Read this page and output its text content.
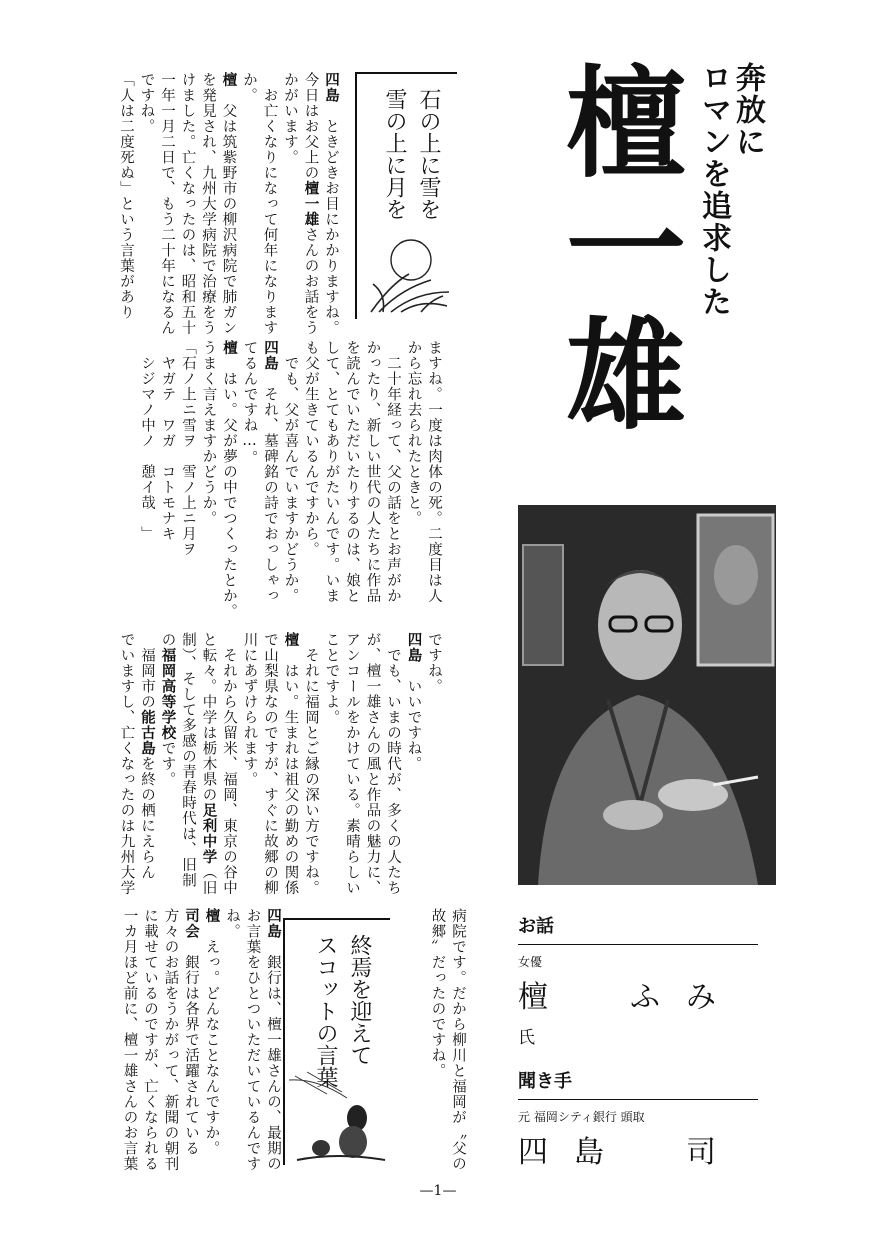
奔放に
ロマンを追求した
檀一雄
石の上に雪を
雪の上に月を
終焉を迎えて
スコットの言葉
四島　ときどきお目にかかりますね。
今日はお父上の檀一雄さんのお話をう
かがいます。
　お亡くなりになって何年になります
か。
檀　父は筑紫野市の柳沢病院で肺ガン
を発見され、九州大学病院で治療をう
けました。亡くなったのは、昭和五十
一年一月二日で、もう二十年になるん
ですね。
「人は二度死ぬ」という言葉があり
ますね。一度は肉体の死。二度目は人
から忘れ去られたときと。
　二十年経って、父の話をとお声がか
かったり、新しい世代の人たちに作品
を読んでいただいたりするのは、娘と
して、とてもありがたいんです。いま
も父が生きているんですから。
　でも、父が喜んでいますかどうか。
四島　それ、墓碑銘の詩でおっしゃっ
てるんですね…。
檀　はい。父が夢の中でつくったとか。
うまく言えますかどうか。
「石ノ上ニ雪ヲ　雪ノ上ニ月ヲ
　ヤガテ　ワガ　コトモナキ
　シジマノ中ノ　憩イ哉　」
ですね。
四島　いいですね。
　でも、いまの時代が、多くの人たち
が、檀一雄さんの風と作品の魅力に、
アンコールをかけている。素晴らしい
ことですよ。
　それに福岡とご縁の深い方ですね。
檀　はい。生まれは祖父の勤めの関係
で山梨県なのですが、すぐに故郷の柳
川にあずけられます。
　それから久留米、福岡、東京の谷中
と転々。中学は栃木県の足利中学（旧
制）、そして多感の青春時代は、旧制
の福岡高等学校です。
　福岡市の能古島を終の栖にえらん
でいますし、亡くなったのは九州大学
病院です。だから柳川と福岡が〝父の
故郷〟だったのですね。
四島　銀行は、檀一雄さんの、最期の
お言葉をひとついただいているんです
ね。
檀　えっ。どんなことなんですか。
司会　銀行は各界で活躍されている
方々のお話をうかがって、新聞の朝刊
に載せているのですが、亡くなられる
一カ月ほど前に、檀一雄さんのお言葉	お話
女優
檀　ふみ氏
聞き手
元 福岡シティ銀行 頭取
四島　司
—1—
